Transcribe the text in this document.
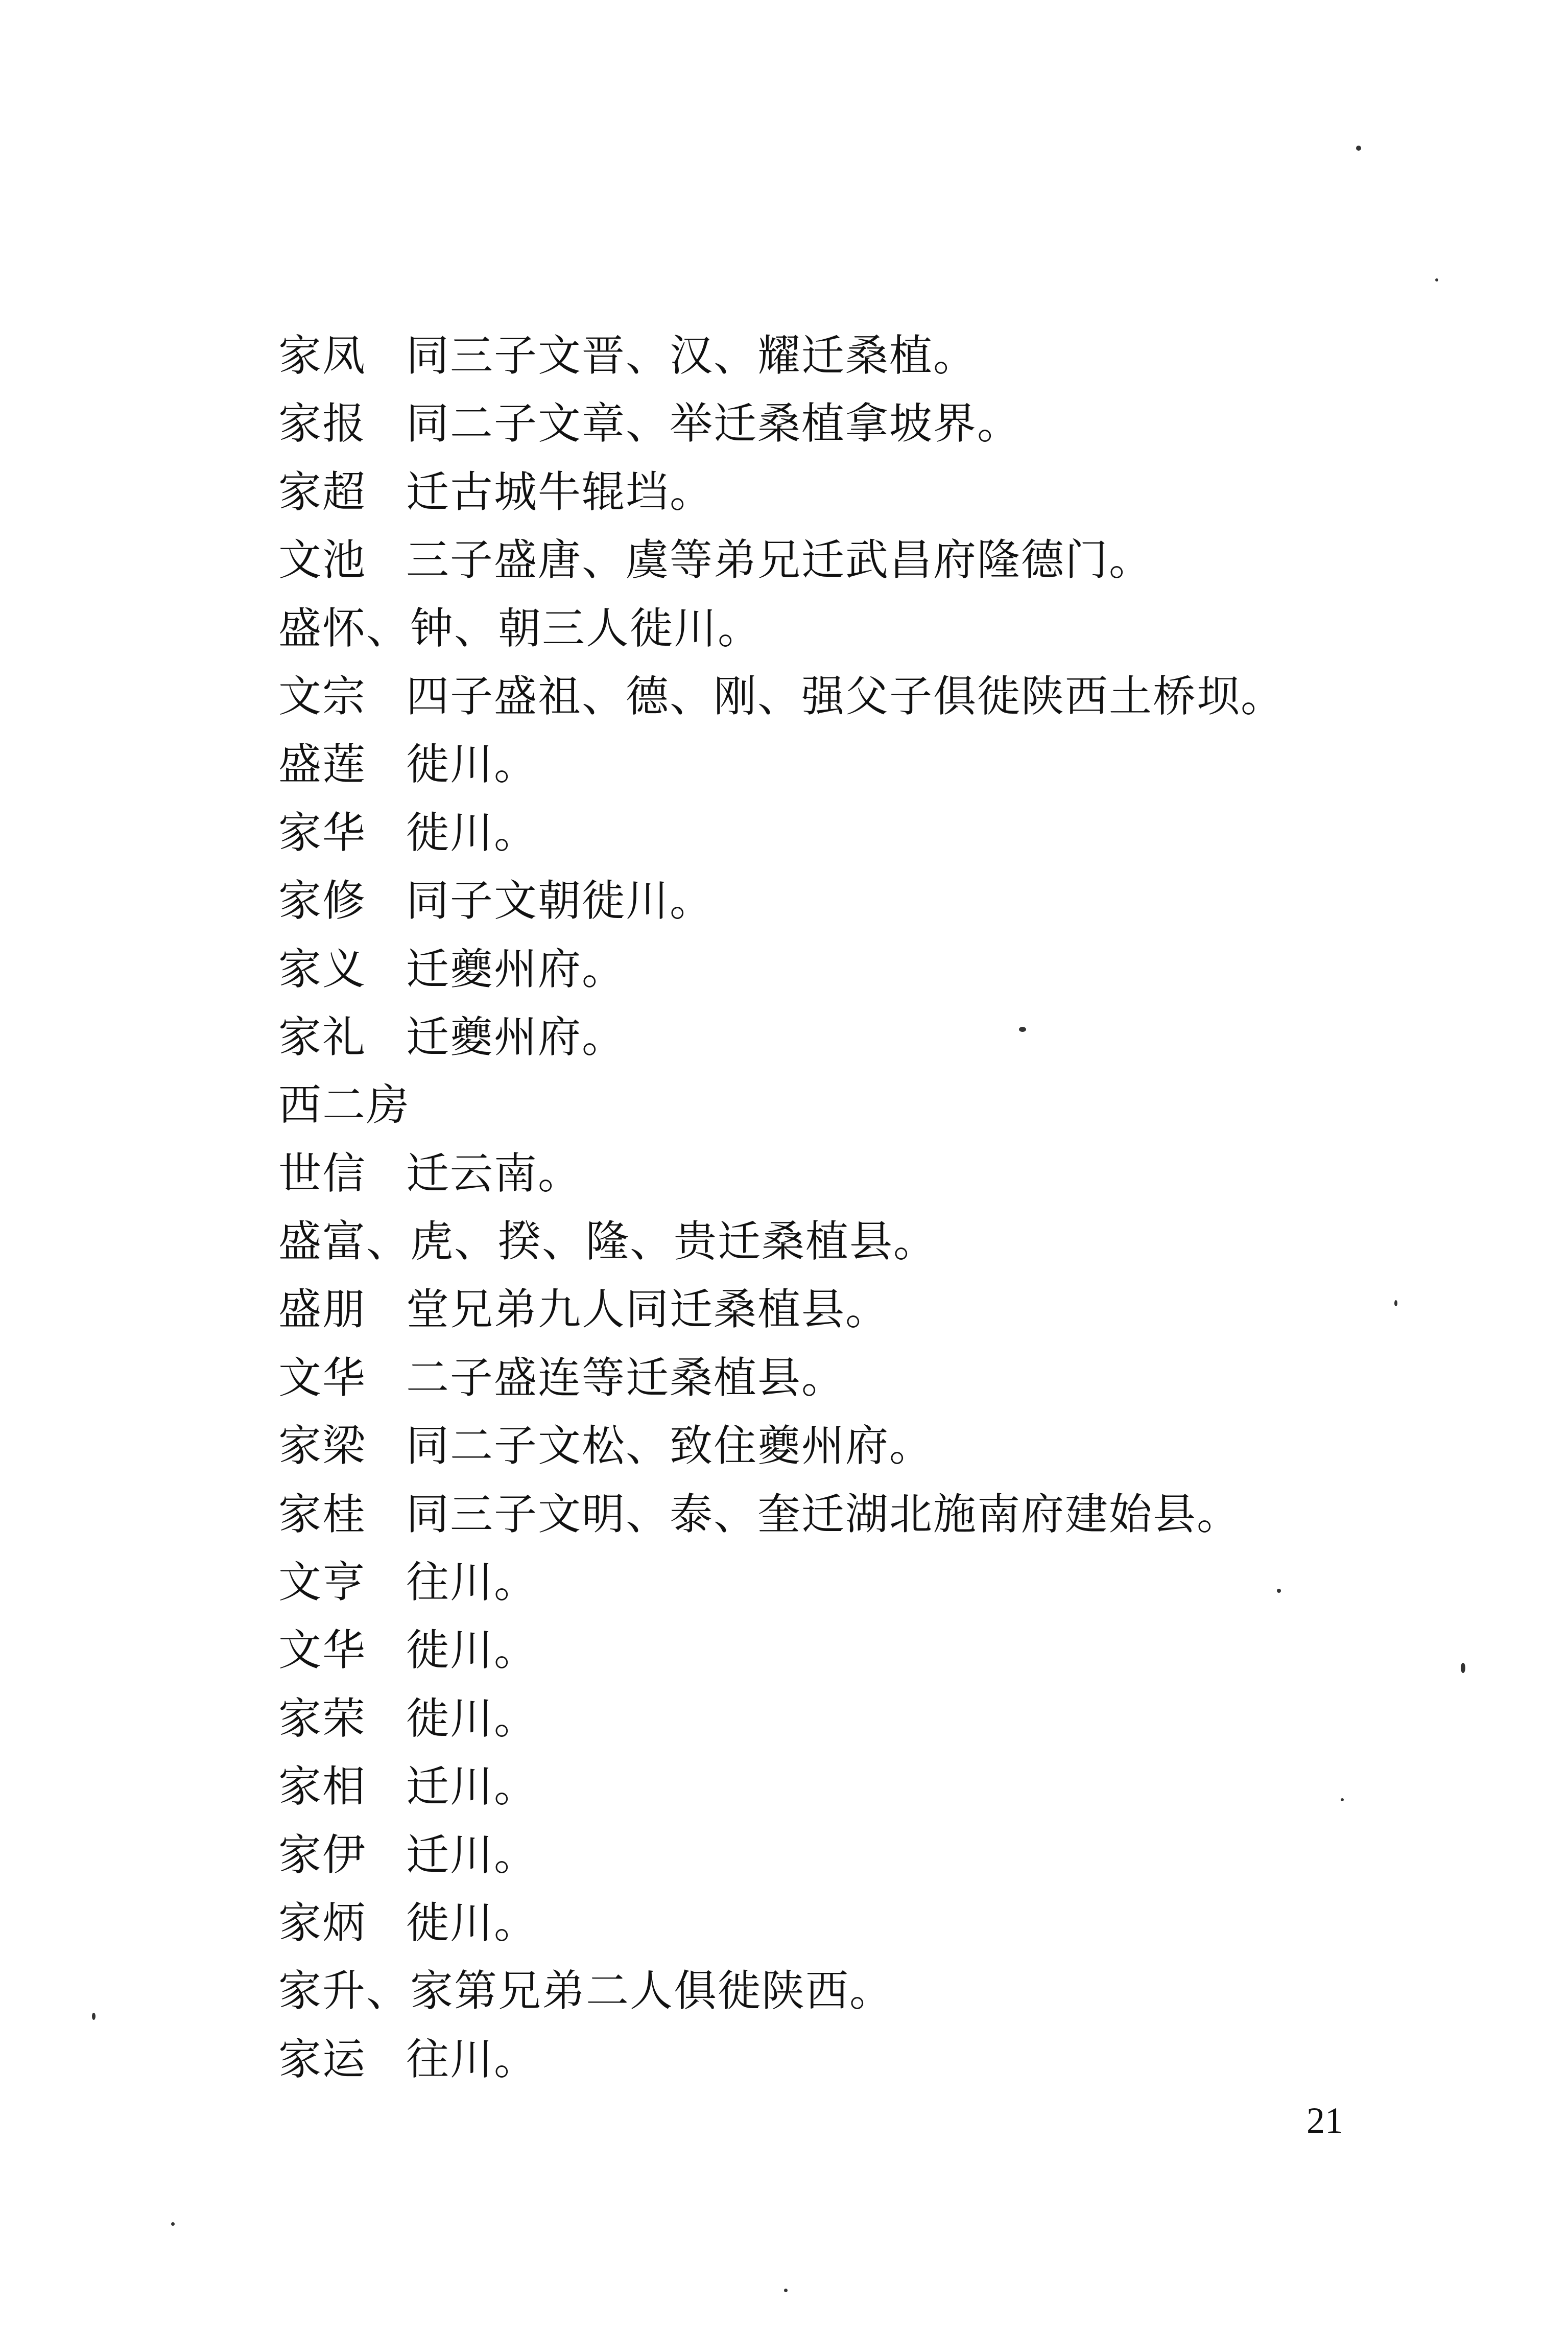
家凤 同三子文晋、汉、耀迁桑植。
家报 同二子文章、举迁桑植拿坡界。
家超 迁古城牛辊垱。
文池 三子盛唐、虞等弟兄迁武昌府隆德门。
盛怀、钟、朝三人徙川。
文宗 四子盛祖、德、刚、强父子俱徙陕西土桥坝。
盛莲 徙川。
家华 徙川。
家修 同子文朝徙川。
家义 迁夔州府。
家礼 迁夔州府。
西二房
世信 迁云南。
盛富、虎、揆、隆、贵迁桑植县。
盛朋 堂兄弟九人同迁桑植县。
文华 二子盛连等迁桑植县。
家梁 同二子文松、致住夔州府。
家桂 同三子文明、泰、奎迁湖北施南府建始县。
文亨 往川。
文华 徙川。
家荣 徙川。
家相 迁川。
家伊 迁川。
家炳 徙川。
家升、家第兄弟二人俱徙陕西。
家运 往川。
21
